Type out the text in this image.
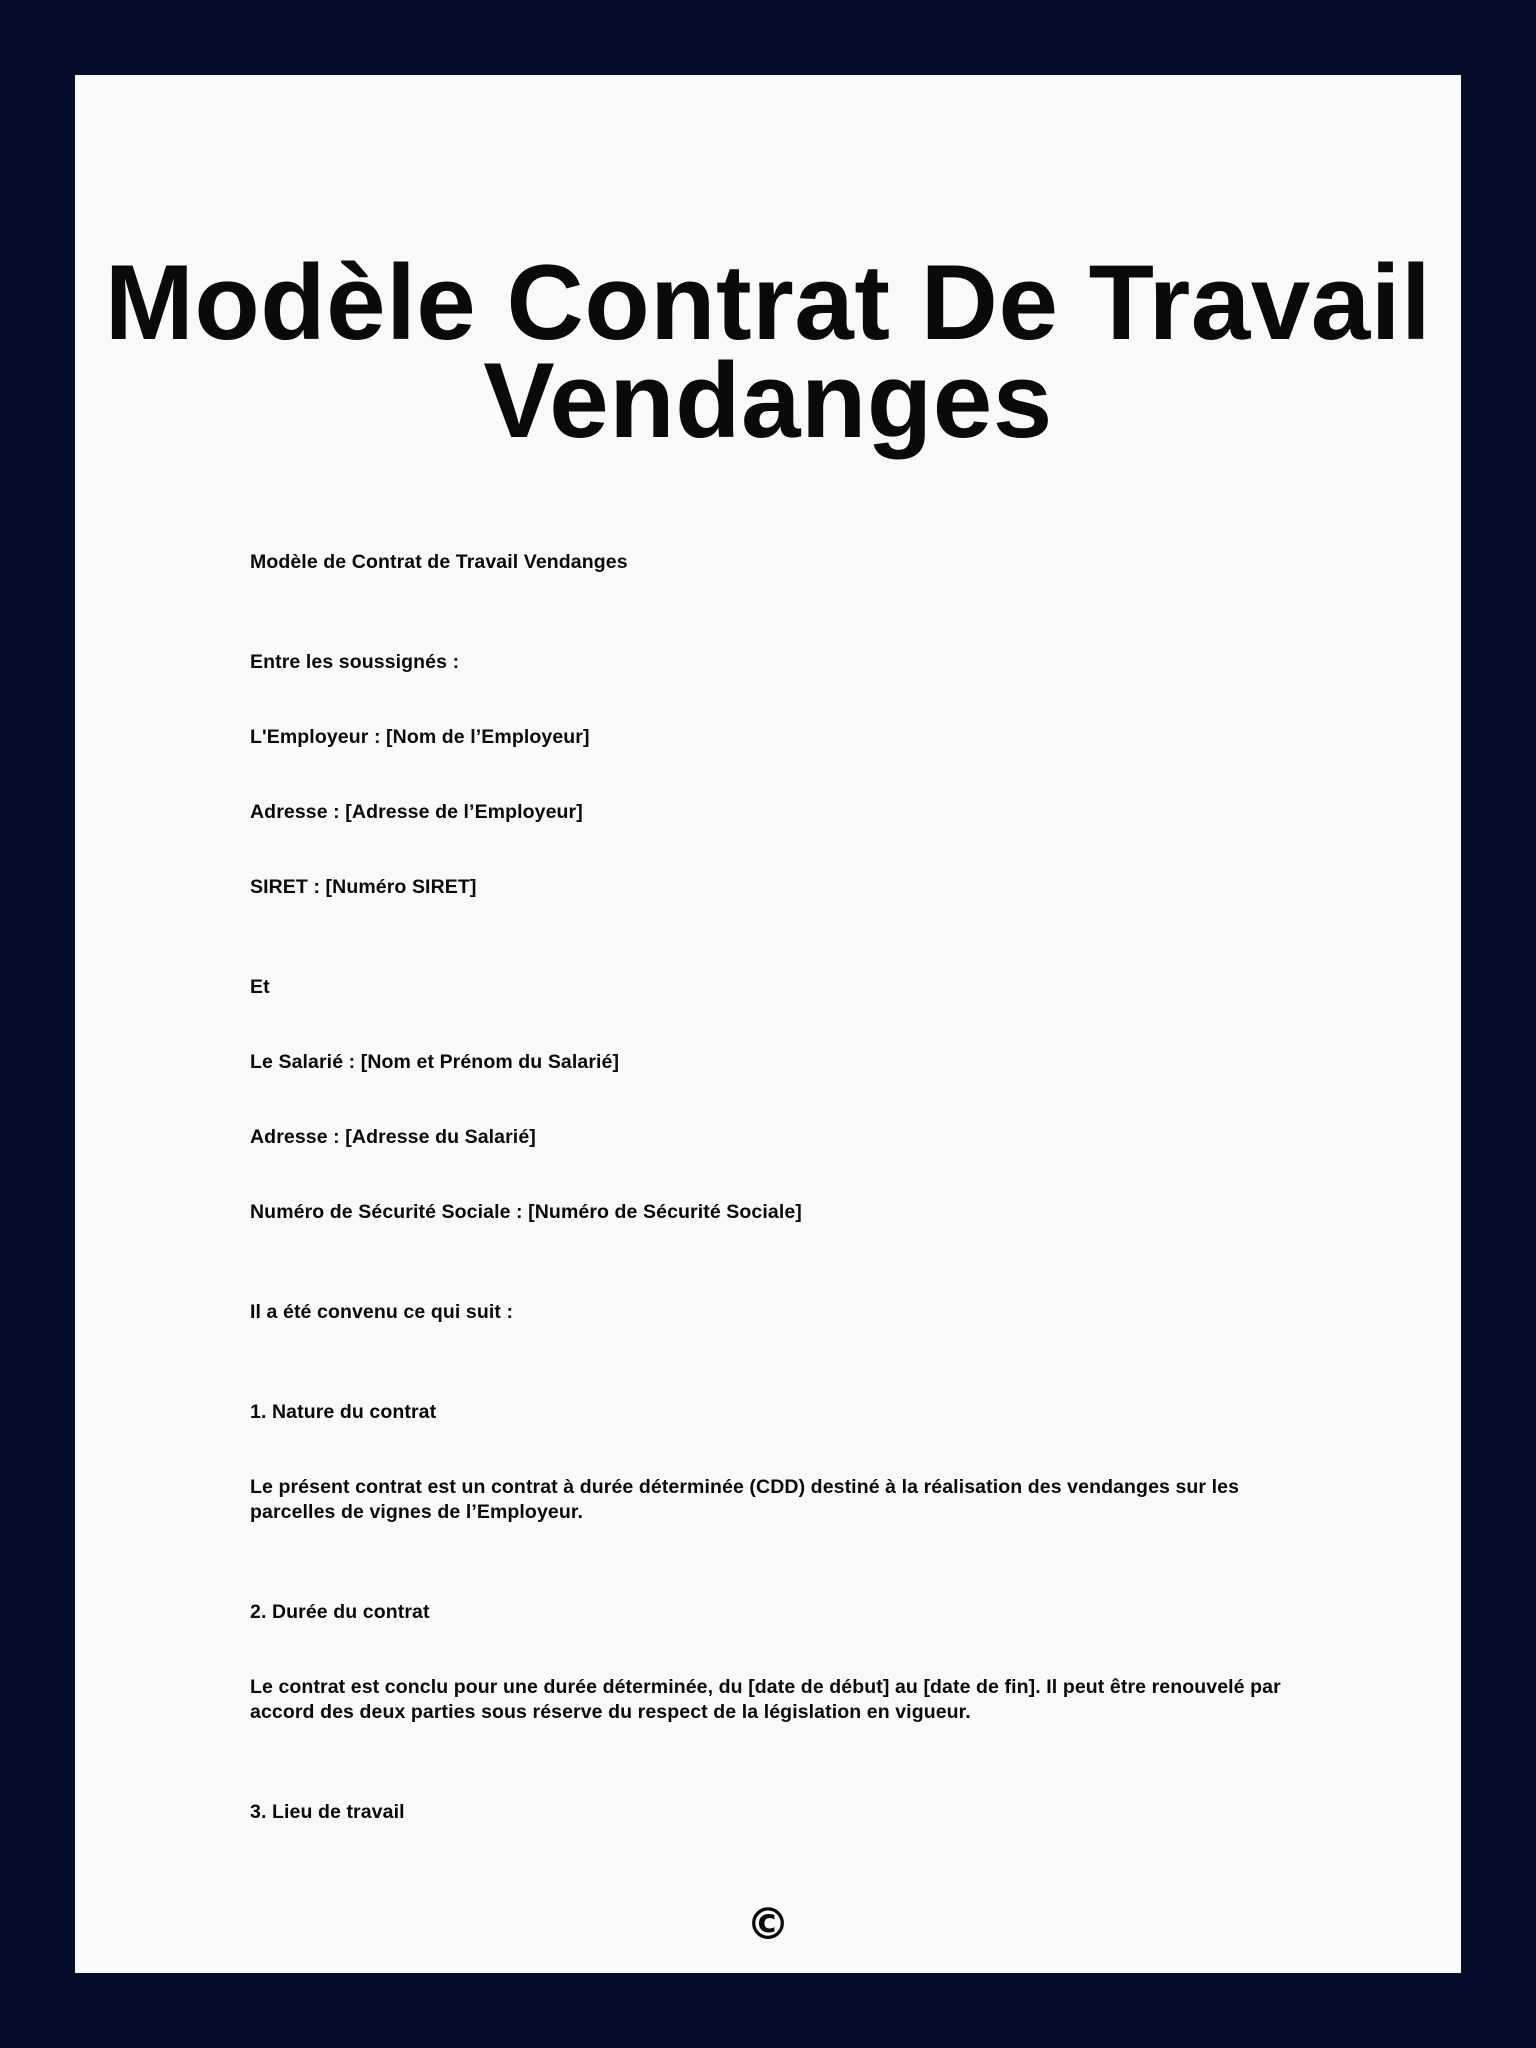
Modèle Contrat De Travail Vendanges

Modèle de Contrat de Travail Vendanges

Entre les soussignés :

L'Employeur : [Nom de l’Employeur]

Adresse : [Adresse de l’Employeur]

SIRET : [Numéro SIRET]

Et

Le Salarié : [Nom et Prénom du Salarié]

Adresse : [Adresse du Salarié]

Numéro de Sécurité Sociale : [Numéro de Sécurité Sociale]

Il a été convenu ce qui suit :

1. Nature du contrat

Le présent contrat est un contrat à durée déterminée (CDD) destiné à la réalisation des vendanges sur les parcelles de vignes de l’Employeur.

2. Durée du contrat

Le contrat est conclu pour une durée déterminée, du [date de début] au [date de fin]. Il peut être renouvelé par accord des deux parties sous réserve du respect de la législation en vigueur.

3. Lieu de travail

©
